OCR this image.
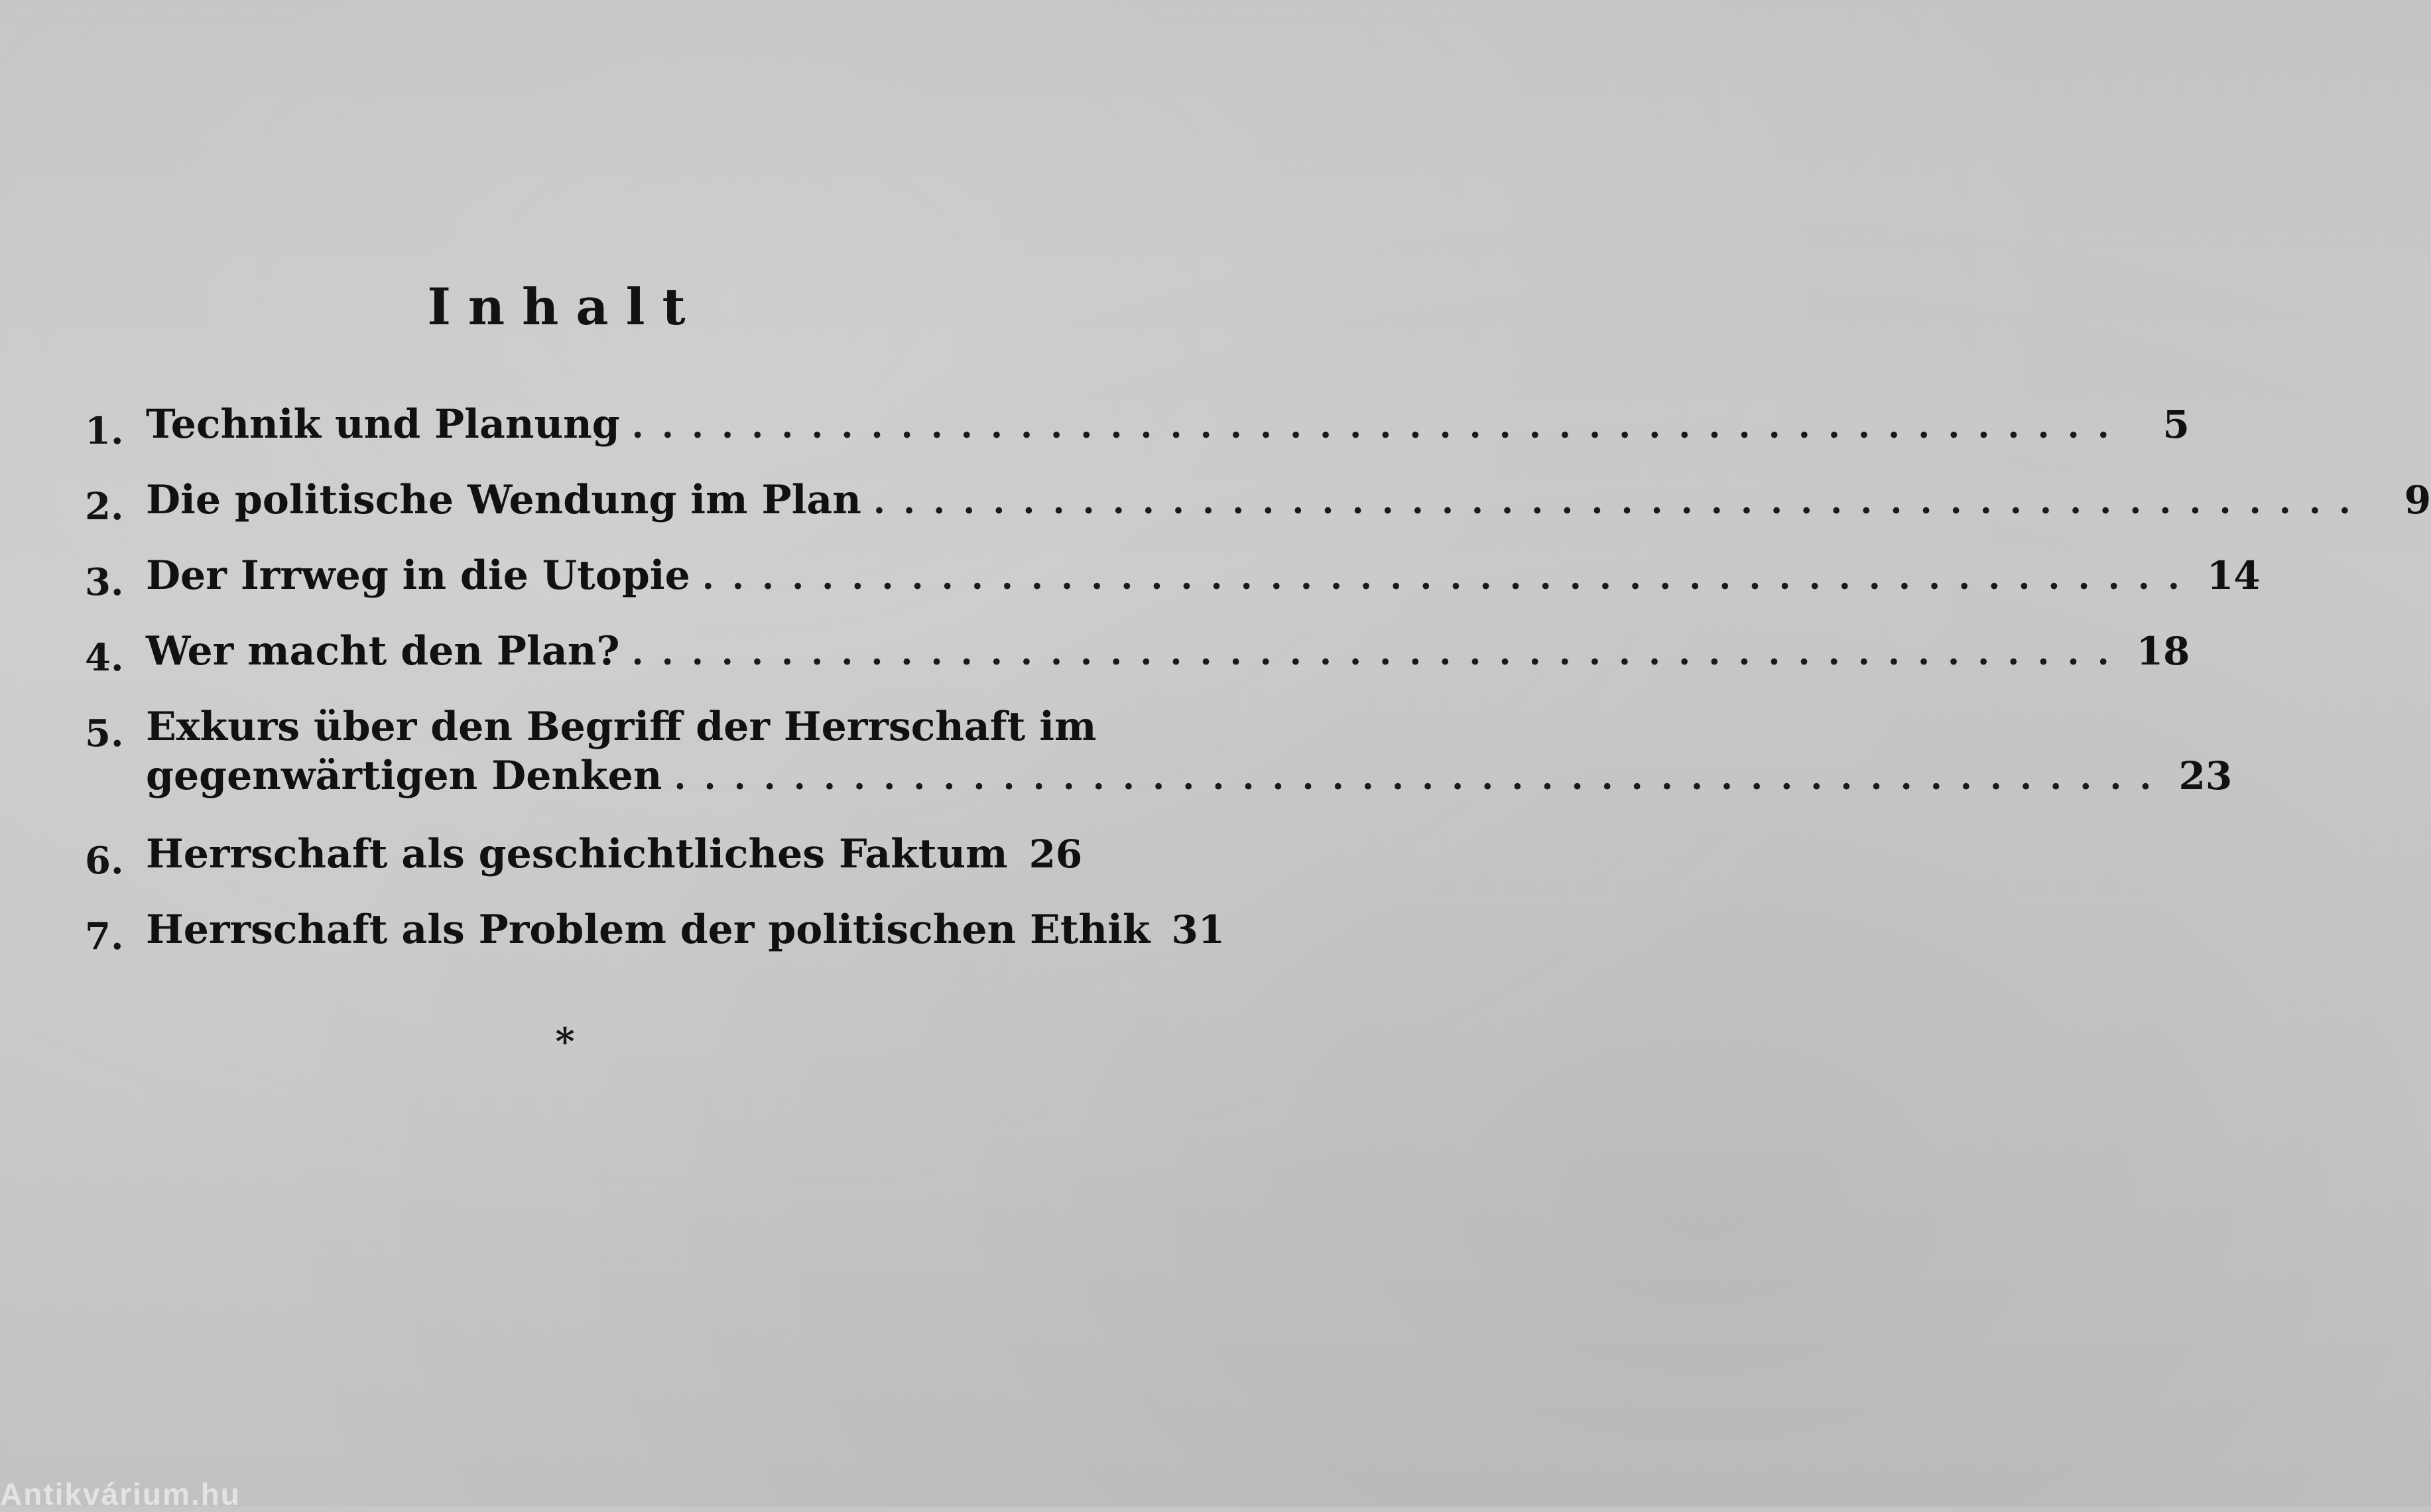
Inhalt
1. Technik und Planung .................................................. 5
2. Die politische Wendung im Plan .................................................. 9
3. Der Irrweg in die Utopie .................................................. 14
4. Wer macht den Plan? .................................................. 18
5. Exkurs über den Begriff der Herrschaft im
gegenwärtigen Denken .................................................. 23
6. Herrschaft als geschichtliches Faktum 26
7. Herrschaft als Problem der politischen Ethik 31
*
Antikvárium.hu
